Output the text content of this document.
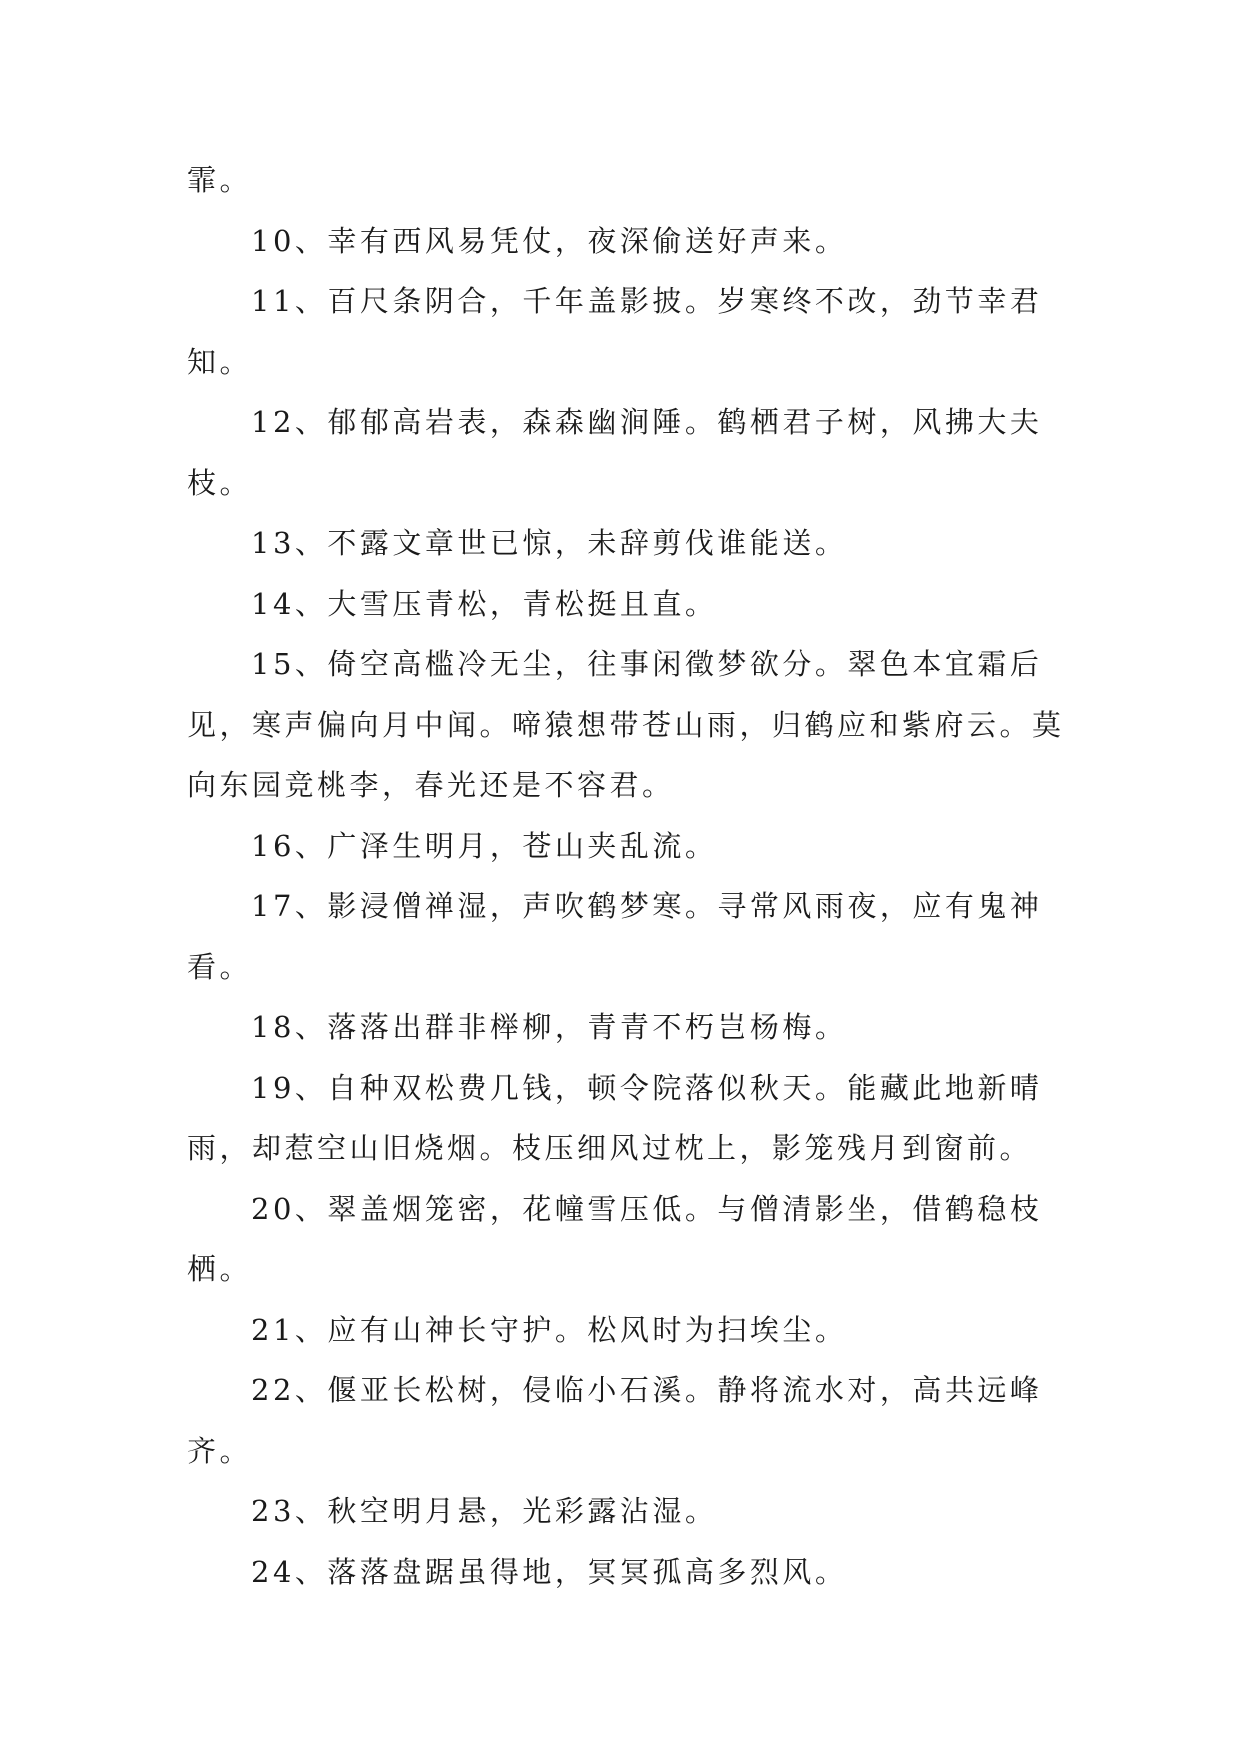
霏。

10、幸有西风易凭仗，夜深偷送好声来。

11、百尺条阴合，千年盖影披。岁寒终不改，劲节幸君知。

12、郁郁高岩表，森森幽涧陲。鹤栖君子树，风拂大夫枝。

13、不露文章世已惊，未辞剪伐谁能送。

14、大雪压青松，青松挺且直。

15、倚空高槛冷无尘，往事闲徵梦欲分。翠色本宜霜后见，寒声偏向月中闻。啼猿想带苍山雨，归鹤应和紫府云。莫向东园竞桃李，春光还是不容君。

16、广泽生明月，苍山夹乱流。

17、影浸僧禅湿，声吹鹤梦寒。寻常风雨夜，应有鬼神看。

18、落落出群非榉柳，青青不朽岂杨梅。

19、自种双松费几钱，顿令院落似秋天。能藏此地新晴雨，却惹空山旧烧烟。枝压细风过枕上，影笼残月到窗前。

20、翠盖烟笼密，花幢雪压低。与僧清影坐，借鹤稳枝栖。

21、应有山神长守护。松风时为扫埃尘。

22、偃亚长松树，侵临小石溪。静将流水对，高共远峰齐。

23、秋空明月悬，光彩露沾湿。

24、落落盘踞虽得地，冥冥孤高多烈风。
